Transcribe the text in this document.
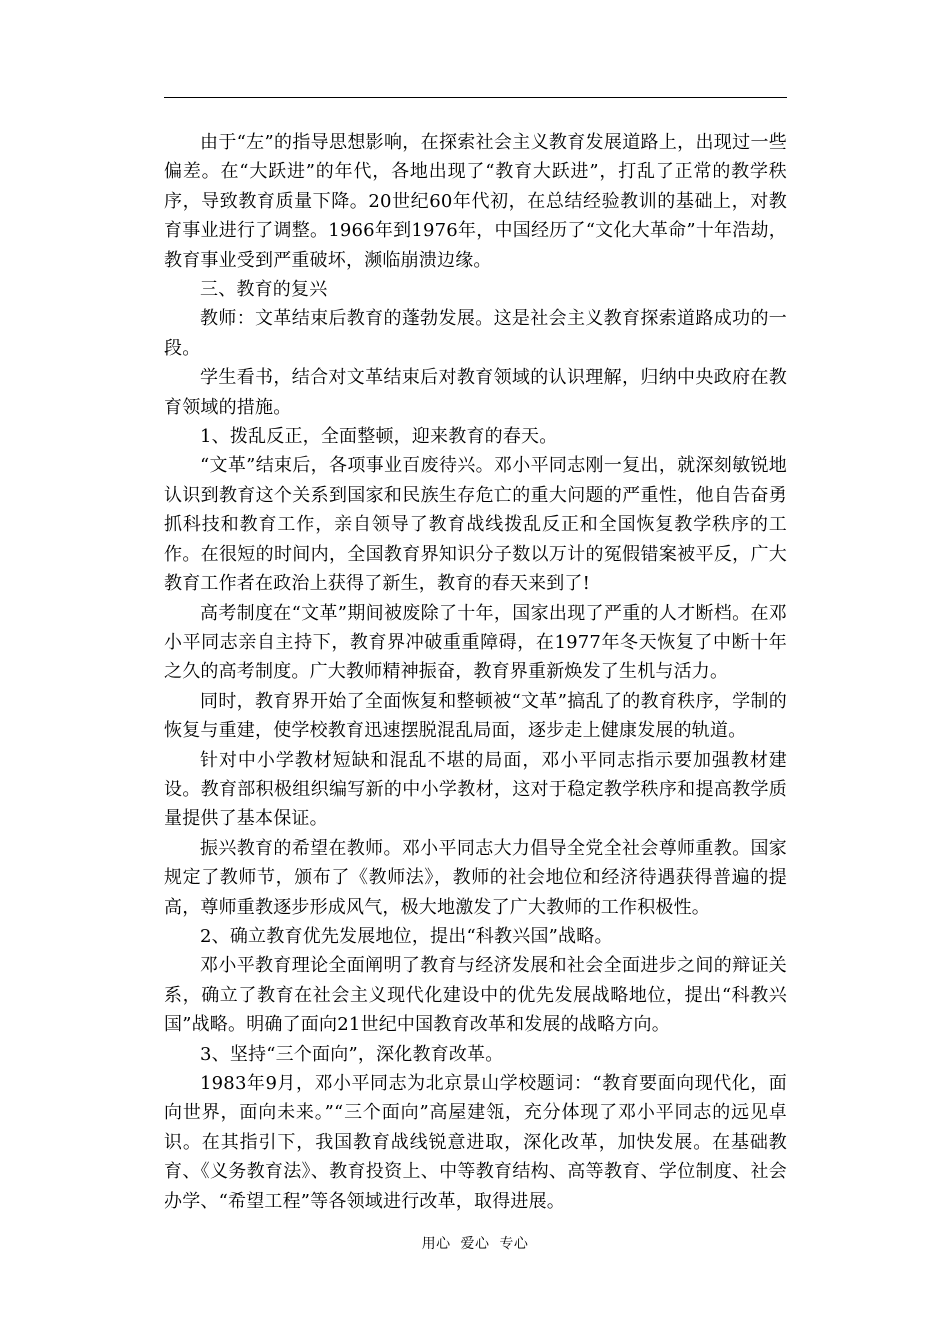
由于“左”的指导思想影响，在探索社会主义教育发展道路上，出现过一些偏差。在“大跃进”的年代，各地出现了“教育大跃进”，打乱了正常的教学秩序，导致教育质量下降。20世纪60年代初，在总结经验教训的基础上，对教育事业进行了调整。1966年到1976年，中国经历了“文化大革命”十年浩劫，教育事业受到严重破坏，濒临崩溃边缘。

三、教育的复兴

教师：文革结束后教育的蓬勃发展。这是社会主义教育探索道路成功的一段。

学生看书，结合对文革结束后对教育领域的认识理解，归纳中央政府在教育领域的措施。

1、拨乱反正，全面整顿，迎来教育的春天。

“文革”结束后，各项事业百废待兴。邓小平同志刚一复出，就深刻敏锐地认识到教育这个关系到国家和民族生存危亡的重大问题的严重性，他自告奋勇抓科技和教育工作，亲自领导了教育战线拨乱反正和全国恢复教学秩序的工作。在很短的时间内，全国教育界知识分子数以万计的冤假错案被平反，广大教育工作者在政治上获得了新生，教育的春天来到了!

高考制度在“文革”期间被废除了十年，国家出现了严重的人才断档。在邓小平同志亲自主持下，教育界冲破重重障碍，在1977年冬天恢复了中断十年之久的高考制度。广大教师精神振奋，教育界重新焕发了生机与活力。

同时，教育界开始了全面恢复和整顿被“文革”搞乱了的教育秩序，学制的恢复与重建，使学校教育迅速摆脱混乱局面，逐步走上健康发展的轨道。

针对中小学教材短缺和混乱不堪的局面，邓小平同志指示要加强教材建设。教育部积极组织编写新的中小学教材，这对于稳定教学秩序和提高教学质量提供了基本保证。

振兴教育的希望在教师。邓小平同志大力倡导全党全社会尊师重教。国家规定了教师节，颁布了《教师法》，教师的社会地位和经济待遇获得普遍的提高，尊师重教逐步形成风气，极大地激发了广大教师的工作积极性。

2、确立教育优先发展地位，提出“科教兴国”战略。

邓小平教育理论全面阐明了教育与经济发展和社会全面进步之间的辩证关系，确立了教育在社会主义现代化建设中的优先发展战略地位，提出“科教兴国”战略。明确了面向21世纪中国教育改革和发展的战略方向。

3、坚持“三个面向”，深化教育改革。

1983年9月，邓小平同志为北京景山学校题词：“教育要面向现代化，面向世界，面向未来。”“三个面向”高屋建瓴，充分体现了邓小平同志的远见卓识。在其指引下，我国教育战线锐意进取，深化改革，加快发展。在基础教育、《义务教育法》、教育投资上、中等教育结构、高等教育、学位制度、社会办学、“希望工程”等各领域进行改革，取得进展。

用心  爱心  专心
